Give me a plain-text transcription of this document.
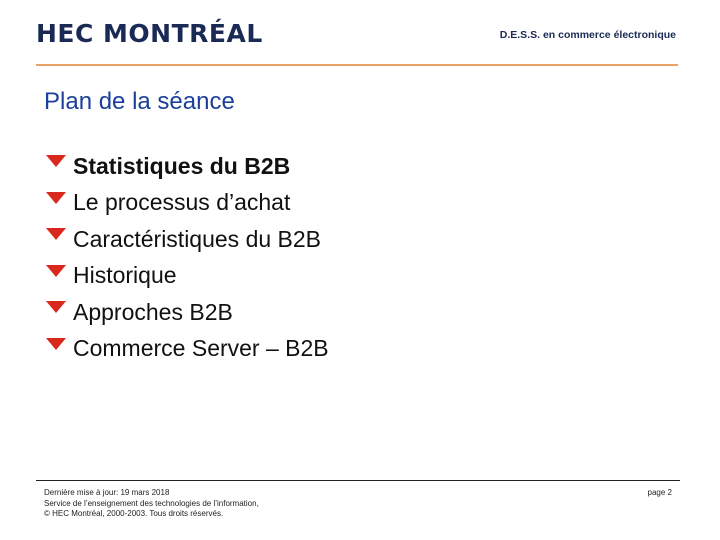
HEC MONTRÉAL	D.E.S.S. en commerce électronique
Plan de la séance
Statistiques du B2B
Le processus d’achat
Caractéristiques du B2B
Historique
Approches B2B
Commerce Server – B2B
Dernière mise à jour: 19 mars 2018
Service de l’enseignement des technologies de l’information,
© HEC Montréal, 2000-2003. Tous droits réservés.
page 2
